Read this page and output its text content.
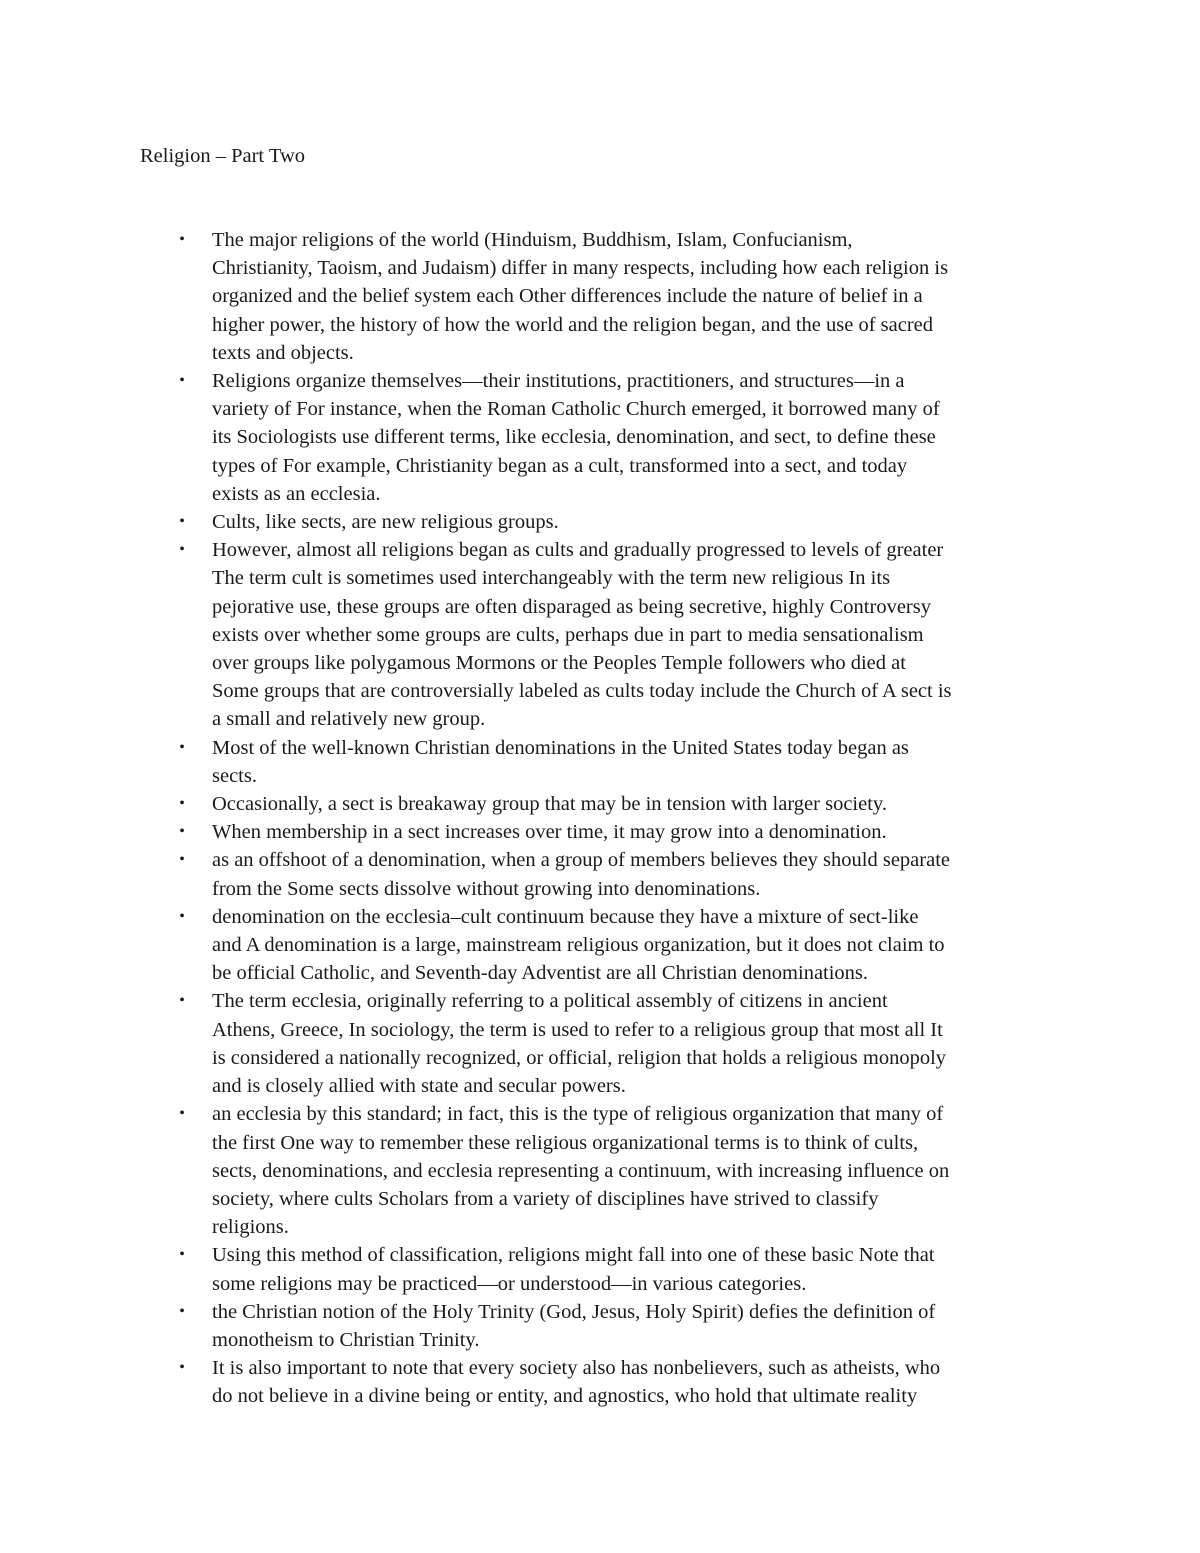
Religion – Part Two
•	The major religions of the world (Hinduism, Buddhism, Islam, Confucianism,
Christianity, Taoism, and Judaism) differ in many respects, including how each religion is
organized and the belief system each Other differences include the nature of belief in a
higher power, the history of how the world and the religion began, and the use of sacred
texts and objects.
•	Religions organize themselves—their institutions, practitioners, and structures—in a
variety of For instance, when the Roman Catholic Church emerged, it borrowed many of
its Sociologists use different terms, like ecclesia, denomination, and sect, to define these
types of For example, Christianity began as a cult, transformed into a sect, and today
exists as an ecclesia.
•	Cults, like sects, are new religious groups.
•	However, almost all religions began as cults and gradually progressed to levels of greater
The term cult is sometimes used interchangeably with the term new religious In its
pejorative use, these groups are often disparaged as being secretive, highly Controversy
exists over whether some groups are cults, perhaps due in part to media sensationalism
over groups like polygamous Mormons or the Peoples Temple followers who died at
Some groups that are controversially labeled as cults today include the Church of A sect is
a small and relatively new group.
•	Most of the well-known Christian denominations in the United States today began as
sects.
•	Occasionally, a sect is breakaway group that may be in tension with larger society.
•	When membership in a sect increases over time, it may grow into a denomination.
•	as an offshoot of a denomination, when a group of members believes they should separate
from the Some sects dissolve without growing into denominations.
•	denomination on the ecclesia–cult continuum because they have a mixture of sect-like
and A denomination is a large, mainstream religious organization, but it does not claim to
be official Catholic, and Seventh-day Adventist are all Christian denominations.
•	The term ecclesia, originally referring to a political assembly of citizens in ancient
Athens, Greece, In sociology, the term is used to refer to a religious group that most all It
is considered a nationally recognized, or official, religion that holds a religious monopoly
and is closely allied with state and secular powers.
•	an ecclesia by this standard; in fact, this is the type of religious organization that many of
the first One way to remember these religious organizational terms is to think of cults,
sects, denominations, and ecclesia representing a continuum, with increasing influence on
society, where cults Scholars from a variety of disciplines have strived to classify
religions.
•	Using this method of classification, religions might fall into one of these basic Note that
some religions may be practiced—or understood—in various categories.
•	the Christian notion of the Holy Trinity (God, Jesus, Holy Spirit) defies the definition of
monotheism to Christian Trinity.
•	It is also important to note that every society also has nonbelievers, such as atheists, who
do not believe in a divine being or entity, and agnostics, who hold that ultimate reality
